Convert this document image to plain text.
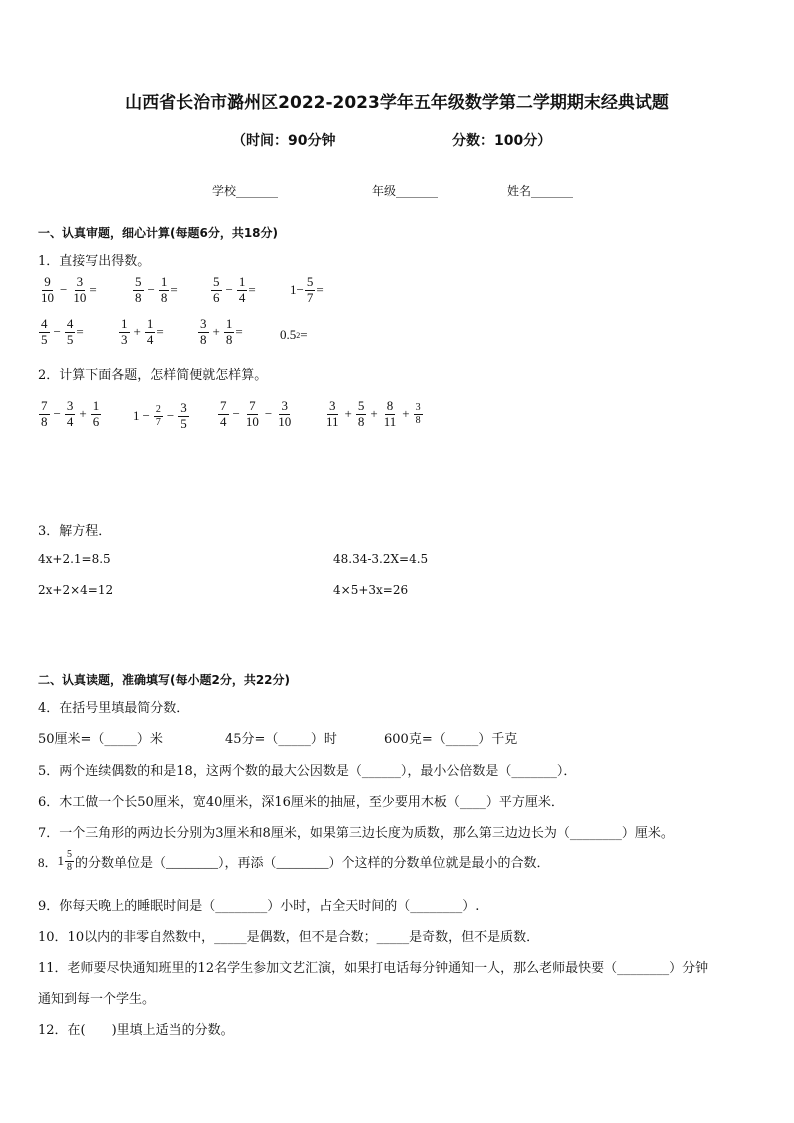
山西省长治市潞州区2022-2023学年五年级数学第二学期期末经典试题
（时间：90分钟	分数：100分）
学校_______	年级_______	姓名_______
一、认真审题，细心计算(每题6分，共18分)
1．直接写出得数。
$\frac{9}{10} - \frac{3}{10}$ =	$\frac{5}{8} - \frac{1}{8}$ =	$\frac{5}{6} - \frac{1}{4}$ =	$1- \frac{5}{7}$ =
$\frac{4}{5} - \frac{4}{5}$ =	$\frac{1}{3} + \frac{1}{4}$ =	$\frac{3}{8} + \frac{1}{8}$ =	0.5 2 =
2．计算下面各题，怎样简便就怎样算。
$\frac{7}{8} - \frac{3}{4} + \frac{1}{6} 1 - \frac{2}{7} - \frac{3}{5} \frac{7}{4} - \frac{7}{10} - \frac{3}{10} \frac{3}{11} + \frac{5}{8} + \frac{8}{11} + \frac{3}{8}$
3．解方程．
4x+2.1=8.5	48.34-3.2X=4.5
2x+2×4=12	4×5+3x=26
二、认真读题，准确填写(每小题2分，共22分)
4．在括号里填最简分数．
50厘米=（_____）米	45分=（_____）时	600克=（_____）千克
5．两个连续偶数的和是18，这两个数的最大公因数是（______），最小公倍数是（_______）．
6．木工做一个长50厘米，宽40厘米，深16厘米的抽屉，至少要用木板（____）平方厘米．
7．一个三角形的两边长分别为3厘米和8厘米，如果第三边长度为质数，那么第三边边长为（________）厘米。
8． $1 \frac{5}{8}$ 的分数单位是（________），再添（________）个这样的分数单位就是最小的合数．
9．你每天晚上的睡眠时间是（________）小时，占全天时间的（________）.
10．10以内的非零自然数中，_____是偶数，但不是合数；_____是奇数，但不是质数．
11．老师要尽快通知班里的12名学生参加文艺汇演，如果打电话每分钟通知一人，那么老师最快要（________）分钟
通知到每一个学生。
12．在(　　)里填上适当的分数。
